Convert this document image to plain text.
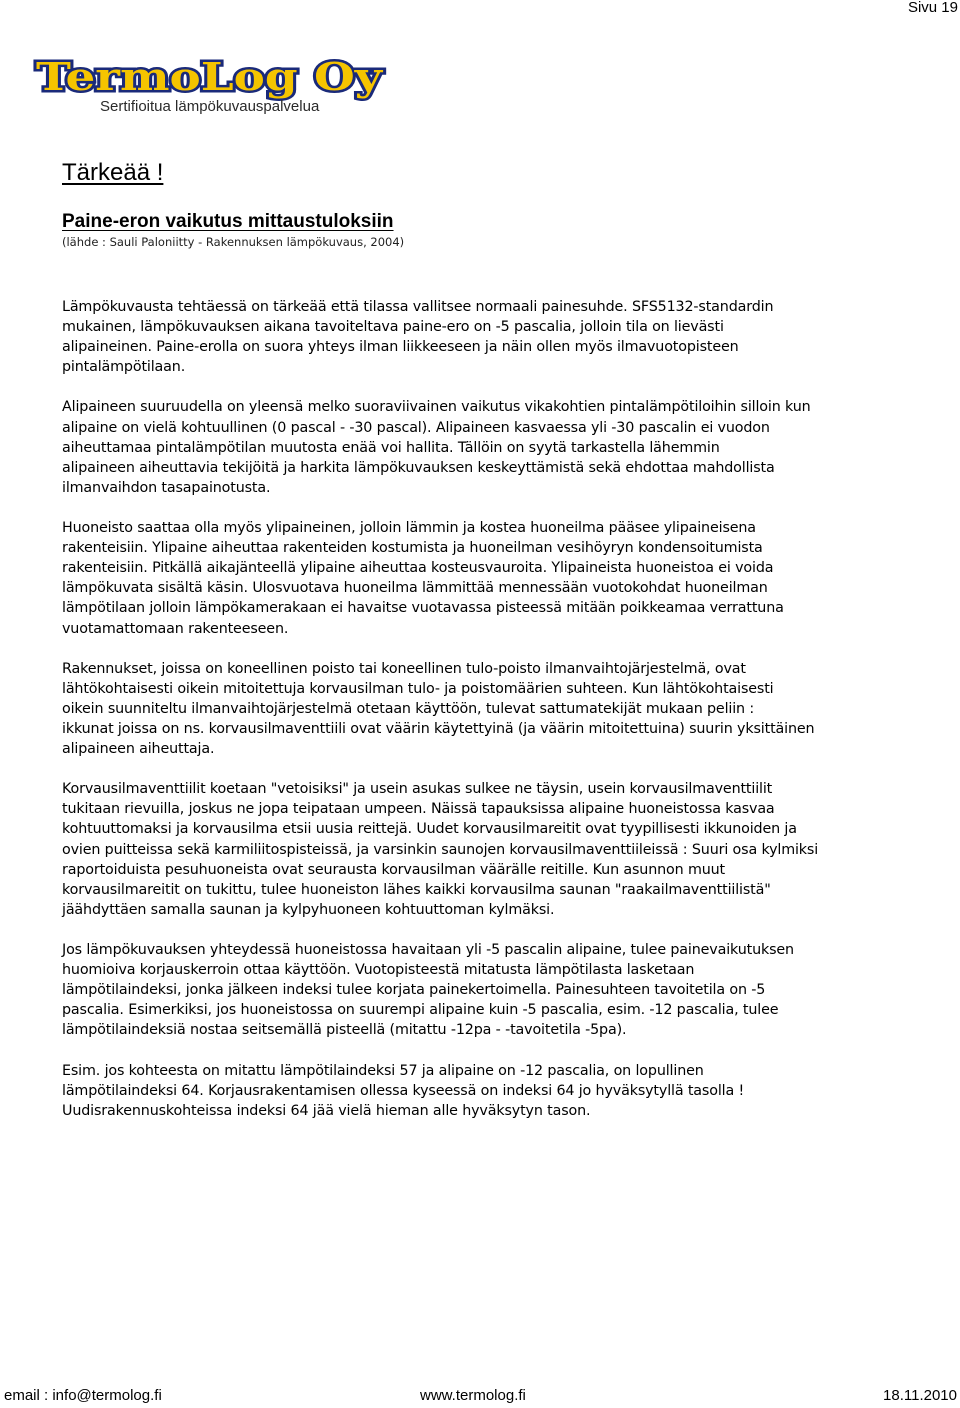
Sivu 19
TermoLog Oy
Sertifioitua lämpökuvauspalvelua
Tärkeää !
Paine-eron vaikutus mittaustuloksiin
(lähde : Sauli Paloniitty - Rakennuksen lämpökuvaus, 2004)

Lämpökuvausta tehtäessä on tärkeää että tilassa vallitsee normaali painesuhde. SFS5132-standardin
mukainen, lämpökuvauksen aikana tavoiteltava paine-ero on -5 pascalia, jolloin tila on lievästi
alipaineinen. Paine-erolla on suora yhteys ilman liikkeeseen ja näin ollen myös ilmavuotopisteen
pintalämpötilaan.

Alipaineen suuruudella on yleensä melko suoraviivainen vaikutus vikakohtien pintalämpötiloihin silloin kun
alipaine on vielä kohtuullinen (0 pascal - -30 pascal). Alipaineen kasvaessa yli -30 pascalin ei vuodon
aiheuttamaa pintalämpötilan muutosta enää voi hallita. Tällöin on syytä tarkastella lähemmin
alipaineen aiheuttavia tekijöitä ja harkita lämpökuvauksen keskeyttämistä sekä ehdottaa mahdollista
ilmanvaihdon tasapainotusta.

Huoneisto saattaa olla myös ylipaineinen, jolloin lämmin ja kostea huoneilma pääsee ylipaineisena
rakenteisiin. Ylipaine aiheuttaa rakenteiden kostumista ja huoneilman vesihöyryn kondensoitumista
rakenteisiin. Pitkällä aikajänteellä ylipaine aiheuttaa kosteusvauroita. Ylipaineista huoneistoa ei voida
lämpökuvata sisältä käsin. Ulosvuotava huoneilma lämmittää mennessään vuotokohdat huoneilman
lämpötilaan jolloin lämpökamerakaan ei havaitse vuotavassa pisteessä mitään poikkeamaa verrattuna
vuotamattomaan rakenteeseen.

Rakennukset, joissa on koneellinen poisto tai koneellinen tulo-poisto ilmanvaihtojärjestelmä, ovat
lähtökohtaisesti oikein mitoitettuja korvausilman tulo- ja poistomäärien suhteen. Kun lähtökohtaisesti
oikein suunniteltu ilmanvaihtojärjestelmä otetaan käyttöön, tulevat sattumatekijät mukaan peliin :
ikkunat joissa on ns. korvausilmaventtiili ovat väärin käytettyinä (ja väärin mitoitettuina) suurin yksittäinen
alipaineen aiheuttaja.

Korvausilmaventtiilit koetaan "vetoisiksi" ja usein asukas sulkee ne täysin, usein korvausilmaventtiilit
tukitaan rievuilla, joskus ne jopa teipataan umpeen. Näissä tapauksissa alipaine huoneistossa kasvaa
kohtuuttomaksi ja korvausilma etsii uusia reittejä. Uudet korvausilmareitit ovat tyypillisesti ikkunoiden ja
ovien puitteissa sekä karmiliitospisteissä, ja varsinkin saunojen korvausilmaventtiileissä : Suuri osa kylmiksi
raportoiduista pesuhuoneista ovat seurausta korvausilman väärälle reitille. Kun asunnon muut
korvausilmareitit on tukittu, tulee huoneiston lähes kaikki korvausilma saunan "raakailmaventtiilistä"
jäähdyttäen samalla saunan ja kylpyhuoneen kohtuuttoman kylmäksi.

Jos lämpökuvauksen yhteydessä huoneistossa havaitaan yli -5 pascalin alipaine, tulee painevaikutuksen
huomioiva korjauskerroin ottaa käyttöön. Vuotopisteestä mitatusta lämpötilasta lasketaan
lämpötilaindeksi, jonka jälkeen indeksi tulee korjata painekertoimella. Painesuhteen tavoitetila on -5
pascalia. Esimerkiksi, jos huoneistossa on suurempi alipaine kuin -5 pascalia, esim. -12 pascalia, tulee
lämpötilaindeksiä nostaa seitsemällä pisteellä (mitattu -12pa - -tavoitetila -5pa).

Esim. jos kohteesta on mitattu lämpötilaindeksi 57 ja alipaine on -12 pascalia, on lopullinen
lämpötilaindeksi 64. Korjausrakentamisen ollessa kyseessä on indeksi 64 jo hyväksytyllä tasolla !
Uudisrakennuskohteissa indeksi 64 jää vielä hieman alle hyväksytyn tason.

email : info@termolog.fi	www.termolog.fi	18.11.2010
